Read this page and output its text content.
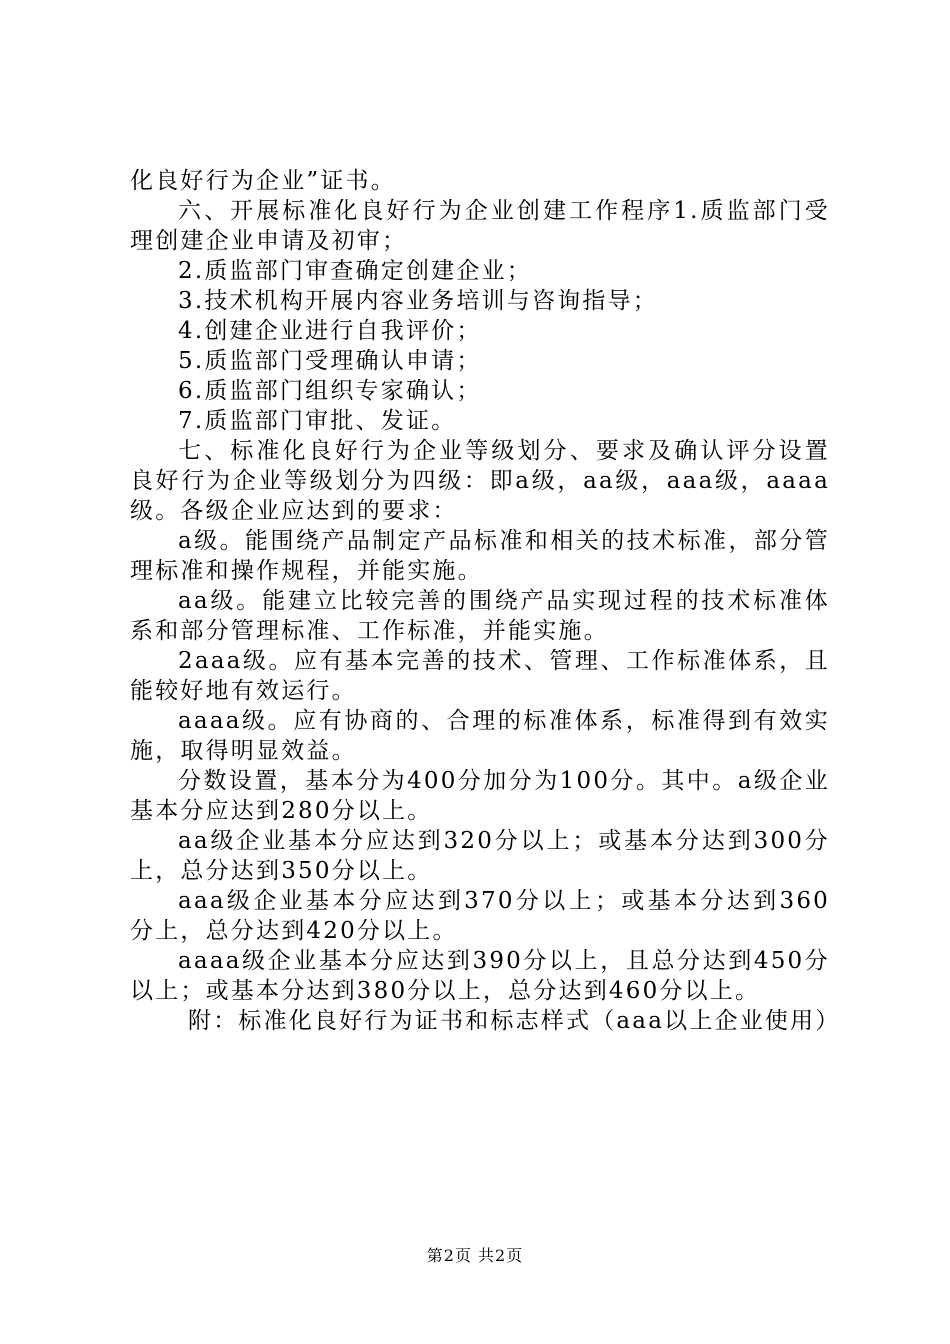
化良好行为企业”证书。

六、开展标准化良好行为企业创建工作程序1.质监部门受理创建企业申请及初审；

2.质监部门审查确定创建企业；

3.技术机构开展内容业务培训与咨询指导；

4.创建企业进行自我评价；

5.质监部门受理确认申请；

6.质监部门组织专家确认；

7.质监部门审批、发证。

七、标准化良好行为企业等级划分、要求及确认评分设置良好行为企业等级划分为四级：即a级，aa级，aaa级，aaaa级。各级企业应达到的要求：

a级。能围绕产品制定产品标准和相关的技术标准，部分管理标准和操作规程，并能实施。

aa级。能建立比较完善的围绕产品实现过程的技术标准体系和部分管理标准、工作标准，并能实施。

2aaa级。应有基本完善的技术、管理、工作标准体系，且能较好地有效运行。

aaaa级。应有协商的、合理的标准体系，标准得到有效实施，取得明显效益。

分数设置，基本分为400分加分为100分。其中。a级企业基本分应达到280分以上。

aa级企业基本分应达到320分以上；或基本分达到300分上，总分达到350分以上。

aaa级企业基本分应达到370分以上；或基本分达到360分上，总分达到420分以上。

aaaa级企业基本分应达到390分以上，且总分达到450分以上；或基本分达到380分以上，总分达到460分以上。

附：标准化良好行为证书和标志样式（aaa以上企业使用）

第2页 共2页
